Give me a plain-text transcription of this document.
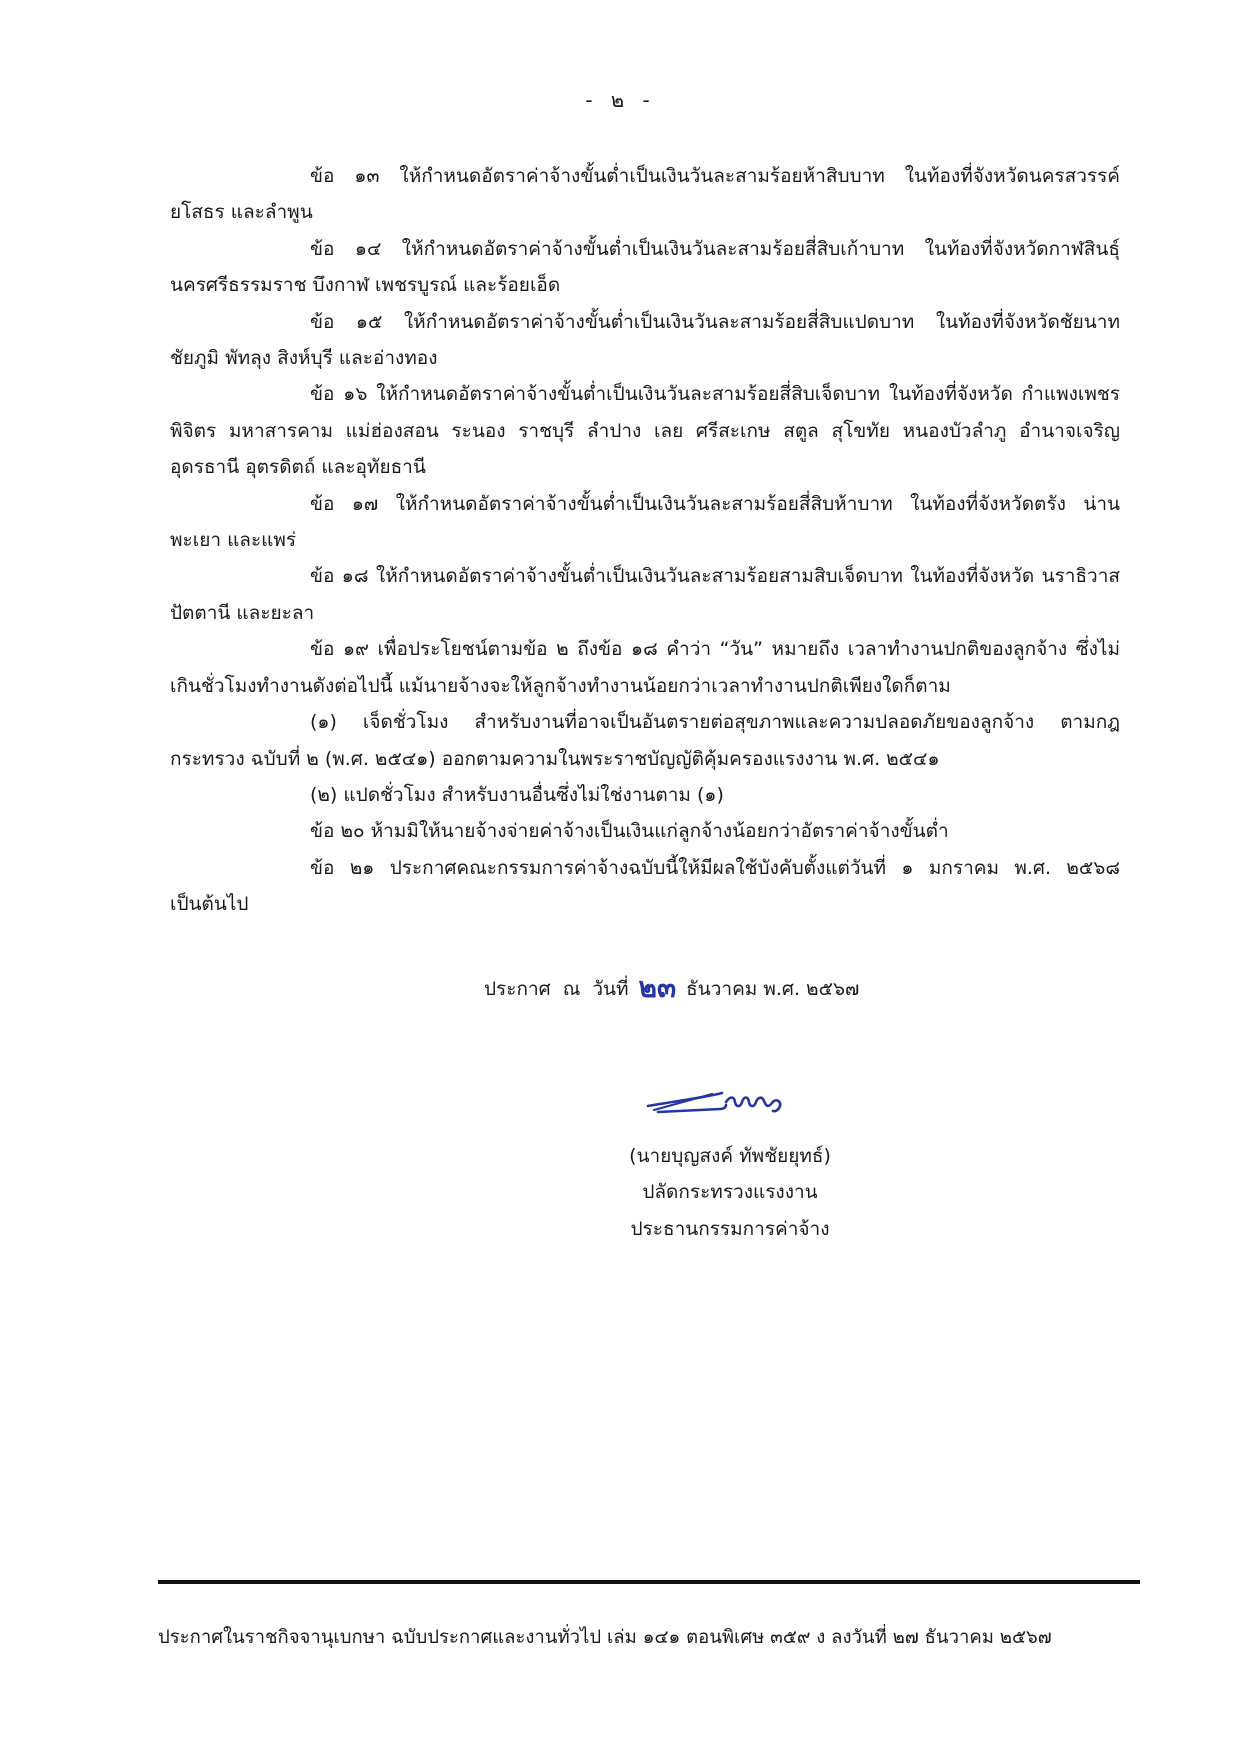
- ๒ -

ข้อ ๑๓ ให้กำหนดอัตราค่าจ้างขั้นต่ำเป็นเงินวันละสามร้อยห้าสิบบาท ในท้องที่จังหวัดนครสวรรค์ ยโสธร และลำพูน

ข้อ ๑๔ ให้กำหนดอัตราค่าจ้างขั้นต่ำเป็นเงินวันละสามร้อยสี่สิบเก้าบาท ในท้องที่จังหวัดกาฬสินธุ์ นครศรีธรรมราช บึงกาฬ เพชรบูรณ์ และร้อยเอ็ด

ข้อ ๑๕ ให้กำหนดอัตราค่าจ้างขั้นต่ำเป็นเงินวันละสามร้อยสี่สิบแปดบาท ในท้องที่จังหวัดชัยนาท ชัยภูมิ พัทลุง สิงห์บุรี และอ่างทอง

ข้อ ๑๖ ให้กำหนดอัตราค่าจ้างขั้นต่ำเป็นเงินวันละสามร้อยสี่สิบเจ็ดบาท ในท้องที่จังหวัด กำแพงเพชร พิจิตร มหาสารคาม แม่ฮ่องสอน ระนอง ราชบุรี ลำปาง เลย ศรีสะเกษ สตูล สุโขทัย หนองบัวลำภู อำนาจเจริญ อุดรธานี อุตรดิตถ์ และอุทัยธานี

ข้อ ๑๗ ให้กำหนดอัตราค่าจ้างขั้นต่ำเป็นเงินวันละสามร้อยสี่สิบห้าบาท ในท้องที่จังหวัดตรัง น่าน พะเยา และแพร่

ข้อ ๑๘ ให้กำหนดอัตราค่าจ้างขั้นต่ำเป็นเงินวันละสามร้อยสามสิบเจ็ดบาท ในท้องที่จังหวัด นราธิวาส ปัตตานี และยะลา

ข้อ ๑๙ เพื่อประโยชน์ตามข้อ ๒ ถึงข้อ ๑๘ คำว่า “วัน” หมายถึง เวลาทำงานปกติของลูกจ้าง ซึ่งไม่เกินชั่วโมงทำงานดังต่อไปนี้ แม้นายจ้างจะให้ลูกจ้างทำงานน้อยกว่าเวลาทำงานปกติเพียงใดก็ตาม

(๑) เจ็ดชั่วโมง สำหรับงานที่อาจเป็นอันตรายต่อสุขภาพและความปลอดภัยของลูกจ้าง ตามกฎกระทรวง ฉบับที่ ๒ (พ.ศ. ๒๕๔๑) ออกตามความในพระราชบัญญัติคุ้มครองแรงงาน พ.ศ. ๒๕๔๑

(๒) แปดชั่วโมง สำหรับงานอื่นซึ่งไม่ใช่งานตาม (๑)

ข้อ ๒๐ ห้ามมิให้นายจ้างจ่ายค่าจ้างเป็นเงินแก่ลูกจ้างน้อยกว่าอัตราค่าจ้างขั้นต่ำ

ข้อ ๒๑ ประกาศคณะกรรมการค่าจ้างฉบับนี้ให้มีผลใช้บังคับตั้งแต่วันที่ ๑ มกราคม พ.ศ. ๒๕๖๘ เป็นต้นไป

ประกาศ ณ วันที่ ๒๓ ธันวาคม พ.ศ. ๒๕๖๗
(นายบุญสงค์ ทัพชัยยุทธ์)
ปลัดกระทรวงแรงงาน
ประธานกรรมการค่าจ้าง
ประกาศในราชกิจจานุเบกษา ฉบับประกาศและงานทั่วไป เล่ม ๑๔๑ ตอนพิเศษ ๓๕๙ ง ลงวันที่ ๒๗ ธันวาคม ๒๕๖๗
